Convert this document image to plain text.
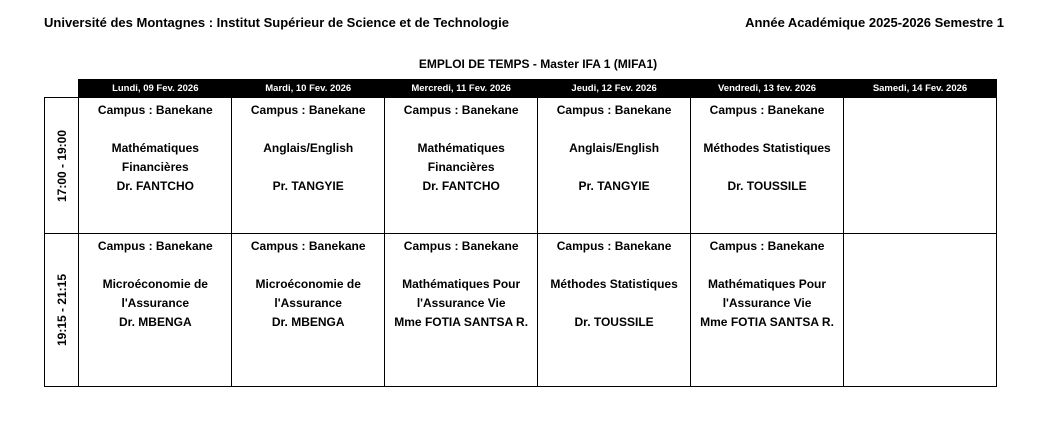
Université des Montagnes : Institut Supérieur de Science et de Technologie	Année Académique 2025-2026 Semestre 1
EMPLOI DE TEMPS - Master IFA 1 (MIFA1)
	Lundi, 09 Fev. 2026	Mardi, 10 Fev. 2026	Mercredi, 11 Fev. 2026	Jeudi, 12 Fev. 2026	Vendredi, 13 fev. 2026	Samedi, 14 Fev. 2026

17:00 - 19:00	Campus : Banekane
Mathématiques
Financières
Dr. FANTCHO	Campus : Banekane
Anglais/English
Pr. TANGYIE	Campus : Banekane
Mathématiques
Financières
Dr. FANTCHO	Campus : Banekane
Anglais/English
Pr. TANGYIE	Campus : Banekane
Méthodes Statistiques
Dr. TOUSSILE	

19:15 - 21:15	Campus : Banekane
Microéconomie de
l'Assurance
Dr. MBENGA	Campus : Banekane
Microéconomie de
l'Assurance
Dr. MBENGA	Campus : Banekane
Mathématiques Pour
l'Assurance Vie
Mme FOTIA SANTSA R.	Campus : Banekane
Méthodes Statistiques
Dr. TOUSSILE	Campus : Banekane
Mathématiques Pour
l'Assurance Vie
Mme FOTIA SANTSA R.	
